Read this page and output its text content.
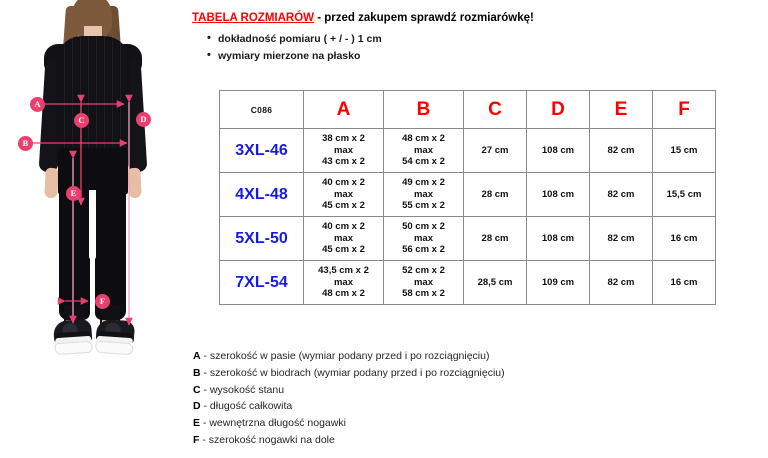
A
B
C	D
E
F
TABELA ROZMIARÓW - przed zakupem sprawdź rozmiarówkę!
• dokładność pomiaru ( + / - ) 1 cm
• wymiary mierzone na płasko
C086	A	B	C	D	E	F
3XL-46	38 cm x 2
max
43 cm x 2	48 cm x 2
max
54 cm x 2	27 cm	108 cm	82 cm	15 cm
4XL-48	40 cm x 2
max
45 cm x 2	49 cm x 2
max
55 cm x 2	28 cm	108 cm	82 cm	15,5 cm
5XL-50	40 cm x 2
max
45 cm x 2	50 cm x 2
max
56 cm x 2	28 cm	108 cm	82 cm	16 cm
7XL-54	43,5 cm x 2
max
48 cm x 2	52 cm x 2
max
58 cm x 2	28,5 cm	109 cm	82 cm	16 cm
A - szerokość w pasie (wymiar podany przed i po rozciągnięciu)
B - szerokość w biodrach (wymiar podany przed i po rozciągnięciu)
C - wysokość stanu
D - długość całkowita
E - wewnętrzna długość nogawki
F - szerokość nogawki na dole
